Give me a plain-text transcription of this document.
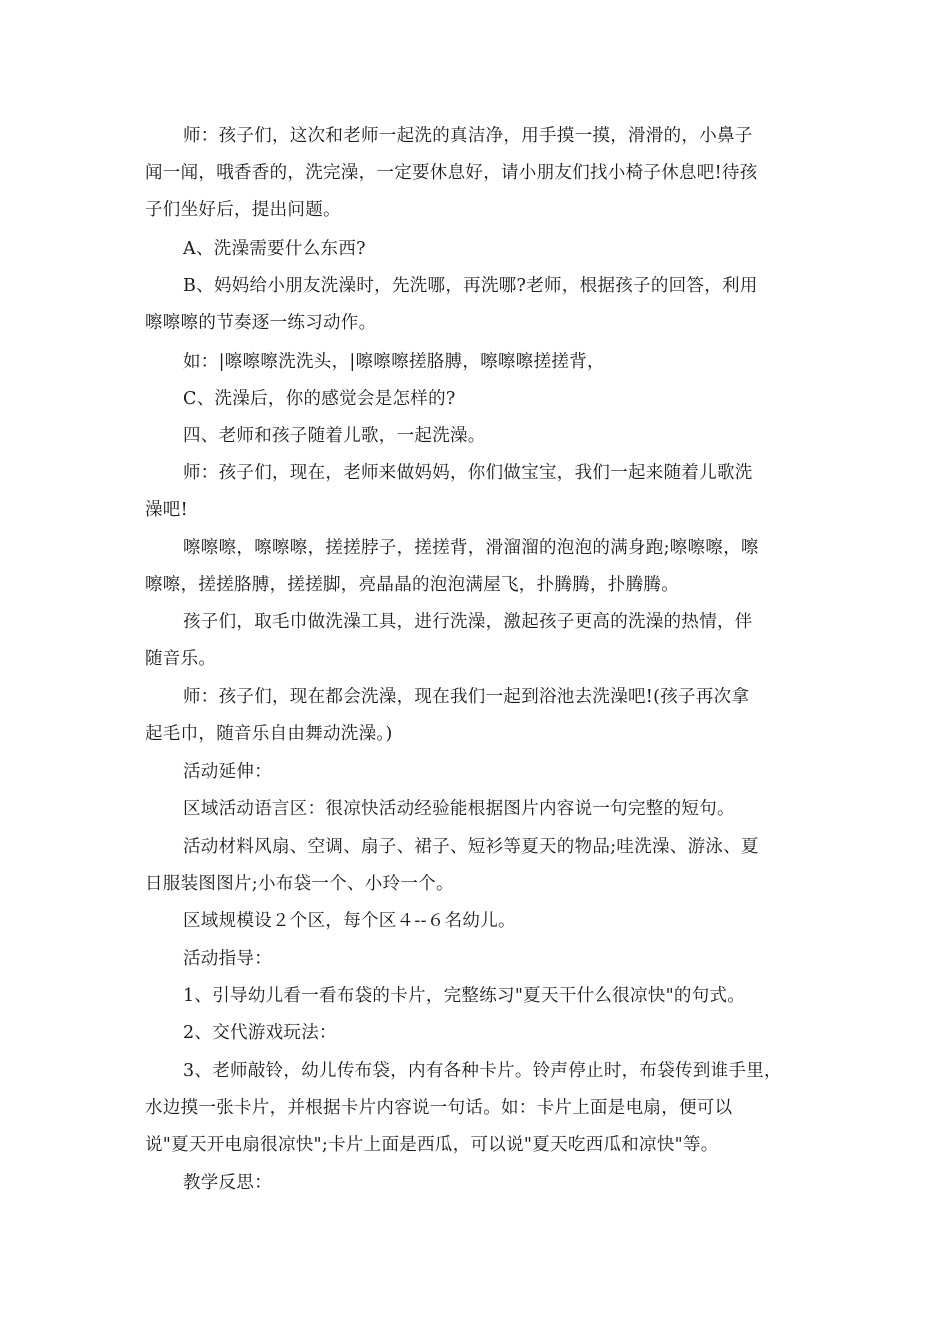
师：孩子们，这次和老师一起洗的真洁净，用手摸一摸，滑滑的，小鼻子
闻一闻，哦香香的，洗完澡，一定要休息好，请小朋友们找小椅子休息吧!待孩
子们坐好后，提出问题。
A、洗澡需要什么东西?
B、妈妈给小朋友洗澡时，先洗哪，再洗哪?老师，根据孩子的回答，利用
嚓嚓嚓的节奏逐一练习动作。
如：|嚓嚓嚓洗洗头，|嚓嚓嚓搓胳膊，嚓嚓嚓搓搓背，
C、洗澡后，你的感觉会是怎样的?
四、老师和孩子随着儿歌，一起洗澡。
师：孩子们，现在，老师来做妈妈，你们做宝宝，我们一起来随着儿歌洗
澡吧!
嚓嚓嚓，嚓嚓嚓，搓搓脖子，搓搓背，滑溜溜的泡泡的满身跑;嚓嚓嚓，嚓
嚓嚓，搓搓胳膊，搓搓脚，亮晶晶的泡泡满屋飞，扑腾腾，扑腾腾。
孩子们，取毛巾做洗澡工具，进行洗澡，激起孩子更高的洗澡的热情，伴
随音乐。
师：孩子们，现在都会洗澡，现在我们一起到浴池去洗澡吧!(孩子再次拿
起毛巾，随音乐自由舞动洗澡。)
活动延伸：
区域活动语言区：很凉快活动经验能根据图片内容说一句完整的短句。
活动材料风扇、空调、扇子、裙子、短衫等夏天的物品;哇洗澡、游泳、夏
日服装图图片;小布袋一个、小玲一个。
区域规模设２个区，每个区４--６名幼儿。
活动指导：
1、引导幼儿看一看布袋的卡片，完整练习"夏天干什么很凉快"的句式。
2、交代游戏玩法：
3、老师敲铃，幼儿传布袋，内有各种卡片。铃声停止时，布袋传到谁手里，
水边摸一张卡片，并根据卡片内容说一句话。如：卡片上面是电扇，便可以
说"夏天开电扇很凉快";卡片上面是西瓜，可以说"夏天吃西瓜和凉快"等。
教学反思：
